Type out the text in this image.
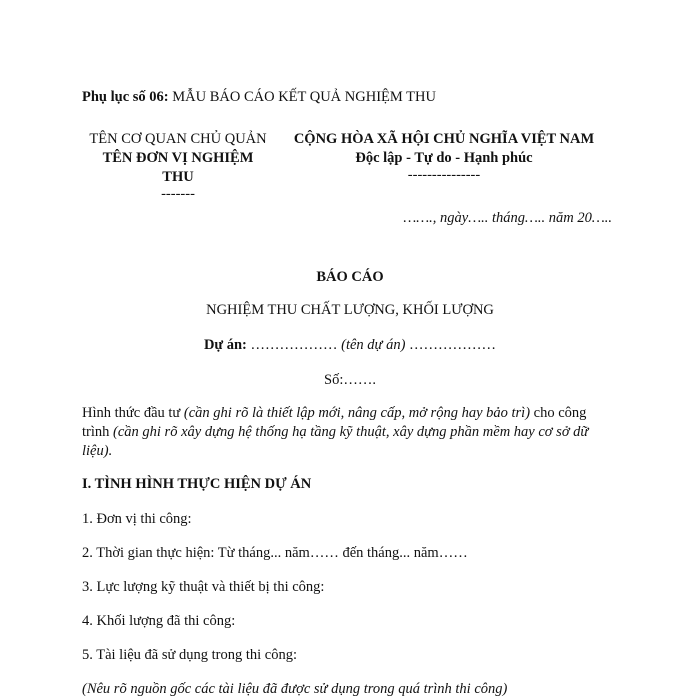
Phụ lục số 06: MẪU BÁO CÁO KẾT QUẢ NGHIỆM THU
TÊN CƠ QUAN CHỦ QUẢN
TÊN ĐƠN VỊ NGHIỆM
THU
-------
CỘNG HÒA XÃ HỘI CHỦ NGHĨA VIỆT NAM
Độc lập - Tự do - Hạnh phúc
---------------
……., ngày….. tháng….. năm 20…..
BÁO CÁO
NGHIỆM THU CHẤT LƯỢNG, KHỐI LƯỢNG
Dự án: ……………… (tên dự án) ………………
Số:…….
Hình thức đầu tư (cần ghi rõ là thiết lập mới, nâng cấp, mở rộng hay bảo trì) cho công
trình (cần ghi rõ xây dựng hệ thống hạ tầng kỹ thuật, xây dựng phần mềm hay cơ sở dữ
liệu).
I. TÌNH HÌNH THỰC HIỆN DỰ ÁN
1. Đơn vị thi công:
2. Thời gian thực hiện: Từ tháng... năm…… đến tháng... năm……
3. Lực lượng kỹ thuật và thiết bị thi công:
4. Khối lượng đã thi công:
5. Tài liệu đã sử dụng trong thi công:
(Nêu rõ nguồn gốc các tài liệu đã được sử dụng trong quá trình thi công)
